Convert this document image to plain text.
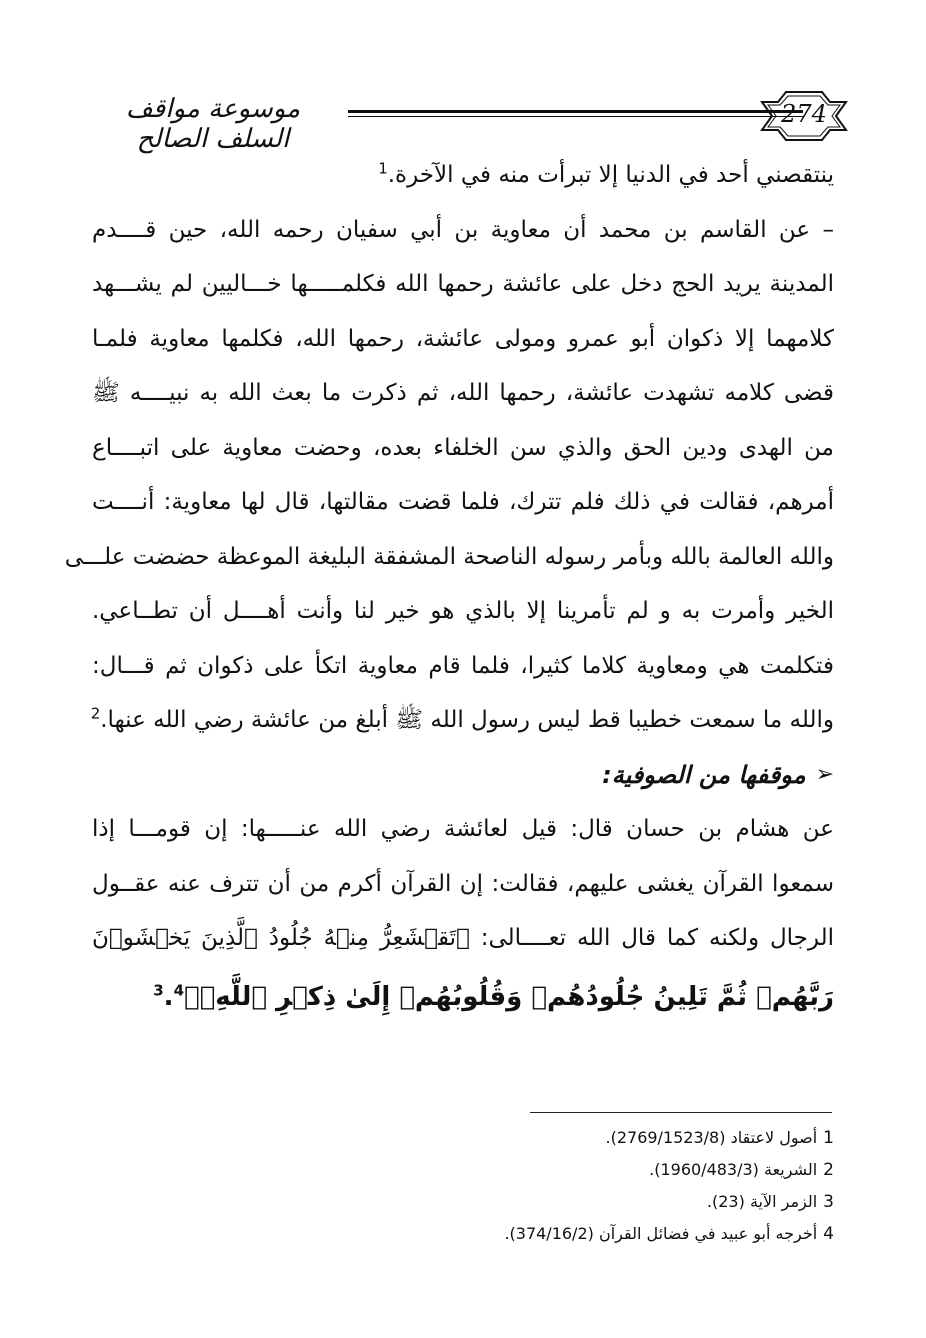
موسوعة مواقف السلف الصالح
274
ينتقصني أحد في الدنيا إلا تبرأت منه في الآخرة.$^1$
– عن القاسم بن محمد أن معاوية بن أبي سفيان رحمه الله، حين قــــدم
المدينة يريد الحج دخل على عائشة رحمها الله فكلمـــــها خـــاليين لم يشـــهد
كلامهما إلا ذكوان أبو عمرو ومولى عائشة، رحمها الله، فكلمها معاوية فلمـا
قضى كلامه تشهدت عائشة، رحمها الله، ثم ذكرت ما بعث الله به نبيــــه ﷺ
من الهدى ودين الحق والذي سن الخلفاء بعده، وحضت معاوية على اتبــــاع
أمرهم، فقالت في ذلك فلم تترك، فلما قضت مقالتها، قال لها معاوية: أنــــت
والله العالمة بالله وبأمر رسوله الناصحة المشفقة البليغة الموعظة حضضت علـــى
الخير وأمرت به و لم تأمرينا إلا بالذي هو خير لنا وأنت أهــــل أن تطــاعي.
فتكلمت هي ومعاوية كلاما كثيرا، فلما قام معاوية اتكأ على ذكوان ثم قـــال:
والله ما سمعت خطيبا قط ليس رسول الله ﷺ أبلغ من عائشة رضي الله عنها.$^2$
➢
موقفها من الصوفية:
عن هشام بن حسان قال: قيل لعائشة رضي الله عنـــــها: إن قومـــا إذا
سمعوا القرآن يغشى عليهم، فقالت: إن القرآن أكرم من أن تترف عنه عقــول
الرجال ولكنه كما قال الله تعــــالى: ﴿تَقۡشَعِرُّ مِنۡهُ جُلُودُ ٱلَّذِينَ يَخۡشَوۡنَ
رَبَّهُمۡ ثُمَّ تَلِينُ جُلُودُهُمۡ وَقُلُوبُهُمۡ إِلَىٰ ذِكۡرِ ٱللَّهِۚ﴾$^3$.$^4$
1أصول لاعتقاد (2769/1523/8).
2الشريعة (1960/483/3).
3الزمر الآية (23).
4أخرجه أبو عبيد في فضائل القرآن (374/16/2).
